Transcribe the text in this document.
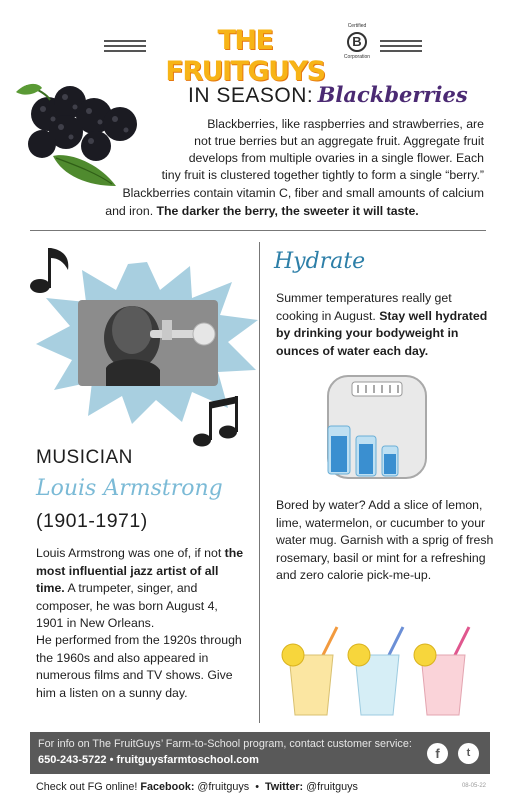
THE FRUITGUYS
Certified
B
Corporation
IN SEASON: Blackberries
Blackberries, like raspberries and strawberries, are
not true berries but an aggregate fruit. Aggregate fruit
develops from multiple ovaries in a single flower. Each
tiny fruit is clustered together tightly to form a single “berry.”
Blackberries contain vitamin C, fiber and small amounts of calcium
and iron. The darker the berry, the sweeter it will taste.
MUSICIAN
Louis Armstrong
(1901-1971)
Louis Armstrong was one of, if not the most influential jazz artist of all time. A trumpeter, singer, and composer, he was born August 4, 1901 in New Orleans.
He performed from the 1920s through the 1960s and also appeared in numerous films and TV shows. Give him a listen on a sunny day.
Hydrate
Summer temperatures really get cooking in August. Stay well hydrated by drinking your bodyweight in ounces of water each day.
Bored by water? Add a slice of lemon, lime, watermelon, or cucumber to your water mug. Garnish with a sprig of fresh rosemary, basil or mint for a refreshing and zero calorie pick-me-up.
For info on The FruitGuys’ Farm-to-School program, contact customer service:
650-243-5722 • fruitguysfarmtoschool.com	f	t
Check out FG online! Facebook: @fruitguys • Twitter: @fruitguys	08-05-22
